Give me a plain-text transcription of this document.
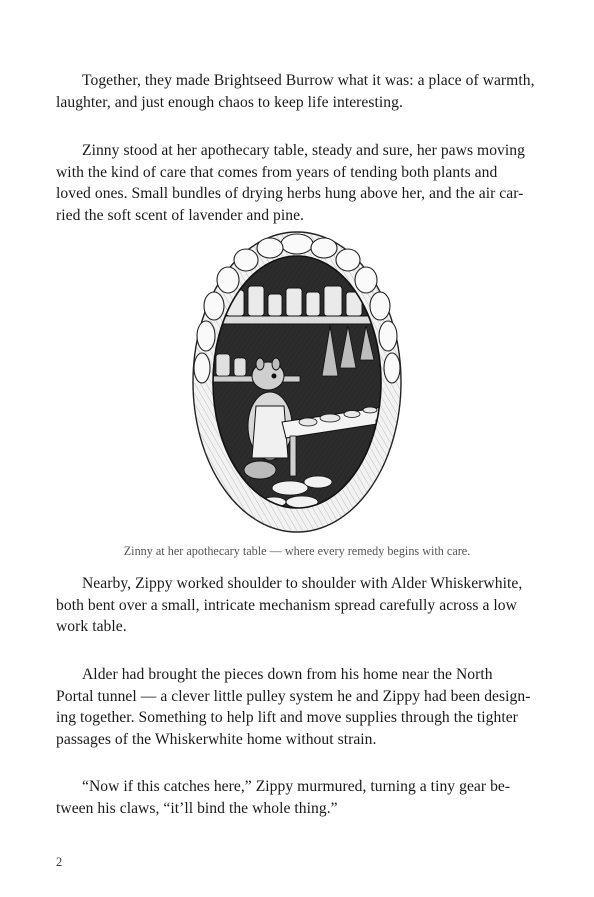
Together, they made Brightseed Burrow what it was: a place of warmth,
laughter, and just enough chaos to keep life interesting.
Zinny stood at her apothecary table, steady and sure, her paws moving
with the kind of care that comes from years of tending both plants and
loved ones. Small bundles of drying herbs hung above her, and the air car-
ried the soft scent of lavender and pine.
Zinny at her apothecary table — where every remedy begins with care.
Nearby, Zippy worked shoulder to shoulder with Alder Whiskerwhite,
both bent over a small, intricate mechanism spread carefully across a low
work table.
Alder had brought the pieces down from his home near the North
Portal tunnel — a clever little pulley system he and Zippy had been design-
ing together. Something to help lift and move supplies through the tighter
passages of the Whiskerwhite home without strain.
“Now if this catches here,” Zippy murmured, turning a tiny gear be-
tween his claws, “it’ll bind the whole thing.”
2
